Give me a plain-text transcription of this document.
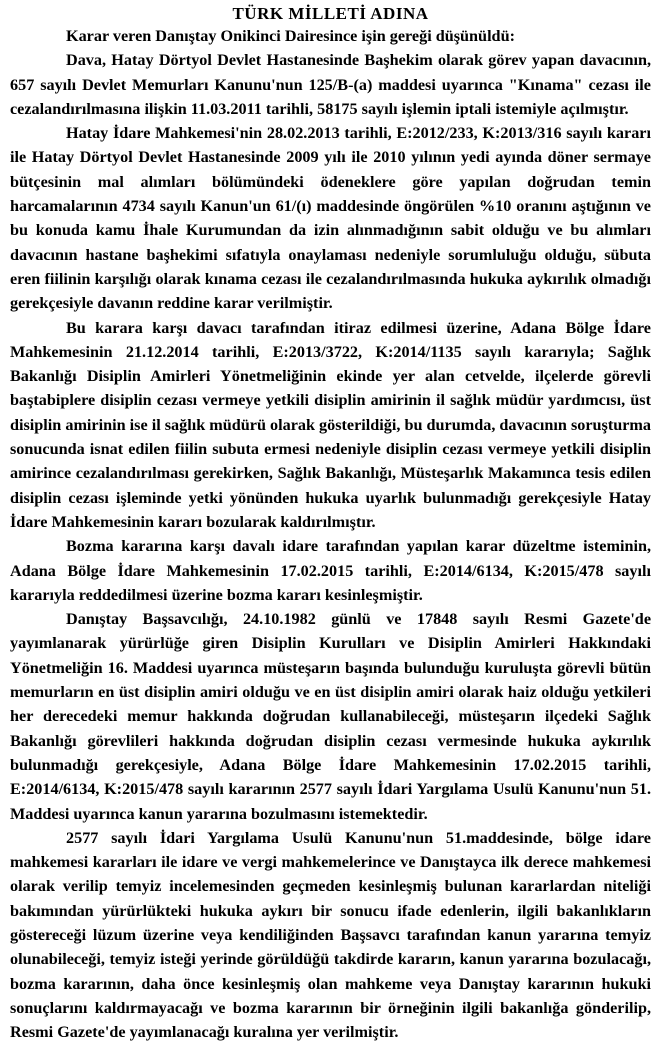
TÜRK MİLLETİ ADINA

Karar veren Danıştay Onikinci Dairesince işin gereği düşünüldü:

Dava, Hatay Dörtyol Devlet Hastanesinde Başhekim olarak görev yapan davacının, 657 sayılı Devlet Memurları Kanunu'nun 125/B-(a) maddesi uyarınca "Kınama" cezası ile cezalandırılmasına ilişkin 11.03.2011 tarihli, 58175 sayılı işlemin iptali istemiyle açılmıştır.

Hatay İdare Mahkemesi'nin 28.02.2013 tarihli, E:2012/233, K:2013/316 sayılı kararı ile Hatay Dörtyol Devlet Hastanesinde 2009 yılı ile 2010 yılının yedi ayında döner sermaye bütçesinin mal alımları bölümündeki ödeneklere göre yapılan doğrudan temin harcamalarının 4734 sayılı Kanun'un 61/(ı) maddesinde öngörülen %10 oranını aştığının ve bu konuda kamu İhale Kurumundan da izin alınmadığının sabit olduğu ve bu alımları davacının hastane başhekimi sıfatıyla onaylaması nedeniyle sorumluluğu olduğu, sübuta eren fiilinin karşılığı olarak kınama cezası ile cezalandırılmasında hukuka aykırılık olmadığı gerekçesiyle davanın reddine karar verilmiştir.

Bu karara karşı davacı tarafından itiraz edilmesi üzerine, Adana Bölge İdare Mahkemesinin 21.12.2014 tarihli, E:2013/3722, K:2014/1135 sayılı kararıyla; Sağlık Bakanlığı Disiplin Amirleri Yönetmeliğinin ekinde yer alan cetvelde, ilçelerde görevli baştabiplere disiplin cezası vermeye yetkili disiplin amirinin il sağlık müdür yardımcısı, üst disiplin amirinin ise il sağlık müdürü olarak gösterildiği, bu durumda, davacının soruşturma sonucunda isnat edilen fiilin subuta ermesi nedeniyle disiplin cezası vermeye yetkili disiplin amirince cezalandırılması gerekirken, Sağlık Bakanlığı, Müsteşarlık Makamınca tesis edilen disiplin cezası işleminde yetki yönünden hukuka uyarlık bulunmadığı gerekçesiyle Hatay İdare Mahkemesinin kararı bozularak kaldırılmıştır.

Bozma kararına karşı davalı idare tarafından yapılan karar düzeltme isteminin, Adana Bölge İdare Mahkemesinin 17.02.2015 tarihli, E:2014/6134, K:2015/478 sayılı kararıyla reddedilmesi üzerine bozma kararı kesinleşmiştir.

Danıştay Başsavcılığı, 24.10.1982 günlü ve 17848 sayılı Resmi Gazete'de yayımlanarak yürürlüğe giren Disiplin Kurulları ve Disiplin Amirleri Hakkındaki Yönetmeliğin 16. Maddesi uyarınca müsteşarın başında bulunduğu kuruluşta görevli bütün memurların en üst disiplin amiri olduğu ve en üst disiplin amiri olarak haiz olduğu yetkileri her derecedeki memur hakkında doğrudan kullanabileceği, müsteşarın ilçedeki Sağlık Bakanlığı görevlileri hakkında doğrudan disiplin cezası vermesinde hukuka aykırılık bulunmadığı gerekçesiyle, Adana Bölge İdare Mahkemesinin 17.02.2015 tarihli, E:2014/6134, K:2015/478 sayılı kararının 2577 sayılı İdari Yargılama Usulü Kanunu'nun 51. Maddesi uyarınca kanun yararına bozulmasını istemektedir.

2577 sayılı İdari Yargılama Usulü Kanunu'nun 51.maddesinde, bölge idare mahkemesi kararları ile idare ve vergi mahkemelerince ve Danıştayca ilk derece mahkemesi olarak verilip temyiz incelemesinden geçmeden kesinleşmiş bulunan kararlardan niteliği bakımından yürürlükteki hukuka aykırı bir sonucu ifade edenlerin, ilgili bakanlıkların göstereceği lüzum üzerine veya kendiliğinden Başsavcı tarafından kanun yararına temyiz olunabileceği, temyiz isteği yerinde görüldüğü takdirde kararın, kanun yararına bozulacağı, bozma kararının, daha önce kesinleşmiş olan mahkeme veya Danıştay kararının hukuki sonuçlarını kaldırmayacağı ve bozma kararının bir örneğinin ilgili bakanlığa gönderilip, Resmi Gazete'de yayımlanacağı kuralına yer verilmiştir.
